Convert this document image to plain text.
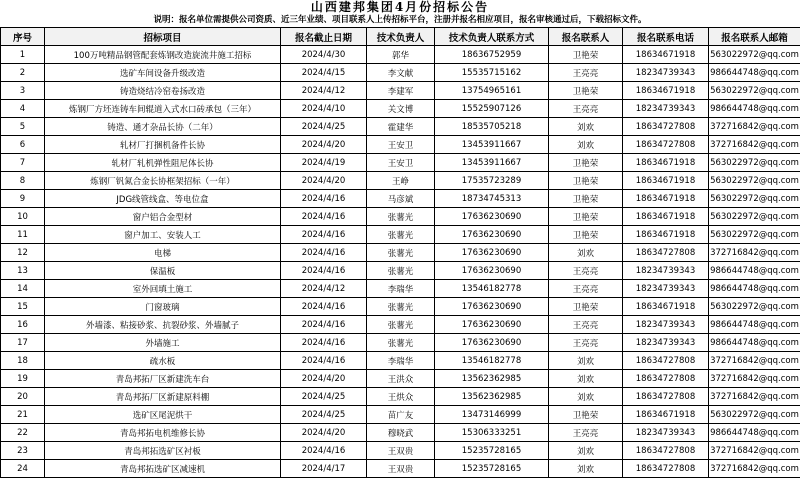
山西建邦集团4月份招标公告
说明：报名单位需提供公司资质、近三年业绩、项目联系人上传招标平台，注册并报名相应项目，报名审核通过后，下载招标文件。
序号	招标项目	报名截止日期	技术负责人	技术负责人联系方式	报名联系人	报名联系电话	报名联系人邮箱
1	100万吨精品钢管配套炼钢改造旋流井施工招标	2024/4/30	郭华	18636752959	卫艳荣	18634671918	563022972@qq.com
2	选矿车间设备升级改造	2024/4/15	李文献	15535715162	王亮亮	18234739343	986644748@qq.com
3	铸造烧结冷窑卷扬改造	2024/4/12	李建军	13754965161	卫艳荣	18634671918	563022972@qq.com
4	炼钢厂方坯连铸车间辊道入式水口砖承包（三年）	2024/4/10	关文博	15525907126	王亮亮	18234739343	986644748@qq.com
5	铸造、通才杂品长协（二年）	2024/4/25	霍建华	18535705218	刘欢	18634727808	372716842@qq.com
6	轧材厂打捆机备件长协	2024/4/20	王安卫	13453911667	刘欢	18634727808	372716842@qq.com
7	轧材厂轧机弹性阻尼体长协	2024/4/19	王安卫	13453911667	卫艳荣	18634671918	563022972@qq.com
8	炼钢厂钒氮合金长协框架招标（一年）	2024/4/20	王峥	17535723289	卫艳荣	18634671918	563022972@qq.com
9	JDG线管线盒、等电位盒	2024/4/16	马彦斌	18734745313	卫艳荣	18634671918	563022972@qq.com
10	窗户铝合金型材	2024/4/16	张薯光	17636230690	卫艳荣	18634671918	563022972@qq.com
11	窗户加工、安装人工	2024/4/16	张薯光	17636230690	卫艳荣	18634671918	563022972@qq.com
12	电梯	2024/4/16	张薯光	17636230690	刘欢	18634727808	372716842@qq.com
13	保温板	2024/4/16	张薯光	17636230690	王亮亮	18234739343	986644748@qq.com
14	室外回填土施工	2024/4/12	李瑞华	13546182778	王亮亮	18234739343	986644748@qq.com
15	门窗玻璃	2024/4/16	张薯光	17636230690	卫艳荣	18634671918	563022972@qq.com
16	外墙漆、粘接砂浆、抗裂砂浆、外墙腻子	2024/4/16	张薯光	17636230690	王亮亮	18234739343	986644748@qq.com
17	外墙施工	2024/4/16	张薯光	17636230690	王亮亮	18234739343	986644748@qq.com
18	疏水板	2024/4/16	李瑞华	13546182778	刘欢	18634727808	372716842@qq.com
19	青岛邦拓厂区新建洗车台	2024/4/20	王洪众	13562362985	刘欢	18634727808	372716842@qq.com
20	青岛邦拓厂区新建原料棚	2024/4/25	王烘众	13562362985	刘欢	18634727808	372716842@qq.com
21	选矿区尾泥烘干	2024/4/25	苗广友	13473146999	卫艳荣	18634671918	563022972@qq.com
22	青岛邦拓电机维修长协	2024/4/20	穆晓武	15306333251	王亮亮	18234739343	986644748@qq.com
23	青岛邦拓选矿区衬板	2024/4/16	王双贵	15235728165	刘欢	18634727808	372716842@qq.com
24	青岛邦拓选矿区减速机	2024/4/17	王双贵	15235728165	刘欢	18634727808	372716842@qq.com
